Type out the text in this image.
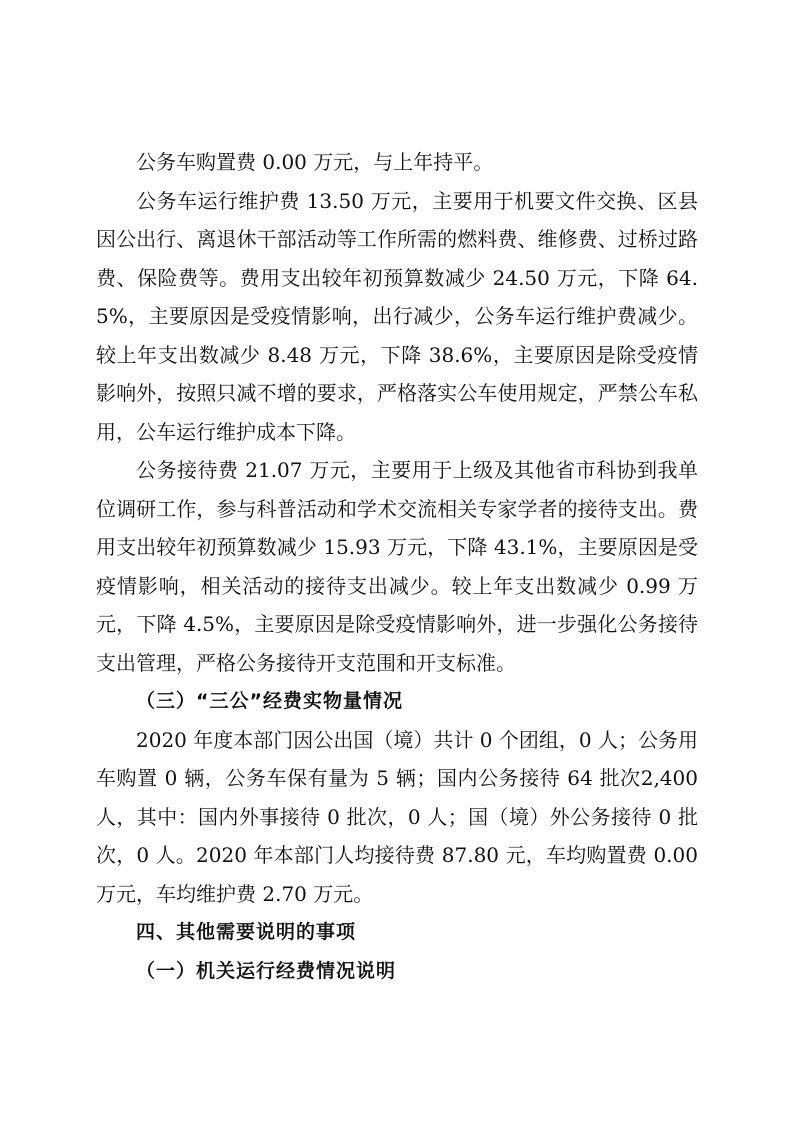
公务车购置费 0.00 万元，与上年持平。

公务车运行维护费 13.50 万元，主要用于机要文件交换、区县因公出行、离退休干部活动等工作所需的燃料费、维修费、过桥过路费、保险费等。费用支出较年初预算数减少 24.50 万元，下降 64.5%，主要原因是受疫情影响，出行减少，公务车运行维护费减少。较上年支出数减少 8.48 万元，下降 38.6%，主要原因是除受疫情影响外，按照只减不增的要求，严格落实公车使用规定，严禁公车私用，公车运行维护成本下降。

公务接待费 21.07 万元，主要用于上级及其他省市科协到我单位调研工作，参与科普活动和学术交流相关专家学者的接待支出。费用支出较年初预算数减少 15.93 万元，下降 43.1%，主要原因是受疫情影响，相关活动的接待支出减少。较上年支出数减少 0.99 万元，下降 4.5%，主要原因是除受疫情影响外，进一步强化公务接待支出管理，严格公务接待开支范围和开支标准。

（三）“三公”经费实物量情况

2020 年度本部门因公出国（境）共计 0 个团组，0 人；公务用车购置 0 辆，公务车保有量为 5 辆；国内公务接待 64 批次2,400 人，其中：国内外事接待 0 批次，0 人；国（境）外公务接待 0 批次，0 人。2020 年本部门人均接待费 87.80 元，车均购置费 0.00 万元，车均维护费 2.70 万元。

四、其他需要说明的事项

（一）机关运行经费情况说明
